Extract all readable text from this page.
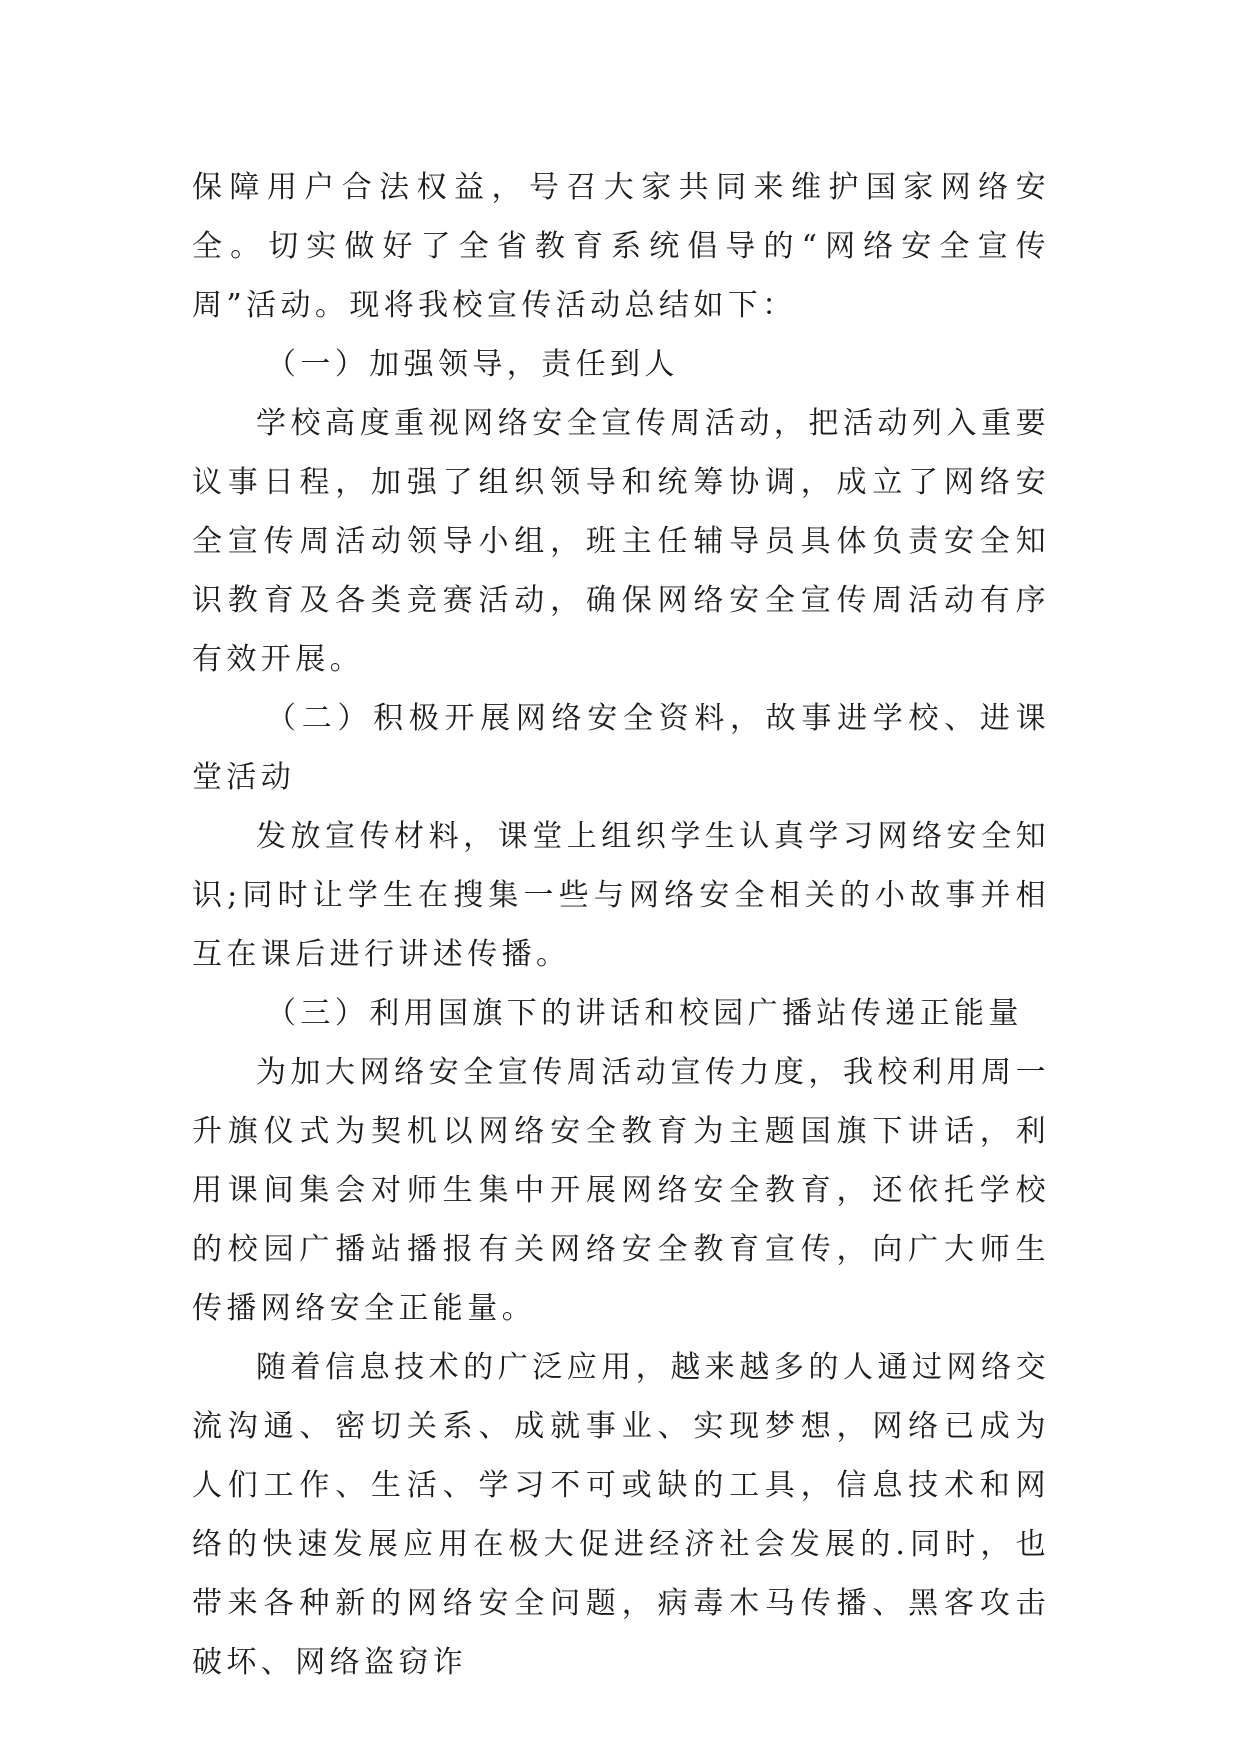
保障用户合法权益，号召大家共同来维护国家网络安全。切实做好了全省教育系统倡导的“网络安全宣传周”活动。现将我校宣传活动总结如下：

（一）加强领导，责任到人

学校高度重视网络安全宣传周活动，把活动列入重要议事日程，加强了组织领导和统筹协调，成立了网络安全宣传周活动领导小组，班主任辅导员具体负责安全知识教育及各类竞赛活动，确保网络安全宣传周活动有序有效开展。

（二）积极开展网络安全资料，故事进学校、进课堂活动

发放宣传材料，课堂上组织学生认真学习网络安全知识;同时让学生在搜集一些与网络安全相关的小故事并相互在课后进行讲述传播。

（三）利用国旗下的讲话和校园广播站传递正能量

为加大网络安全宣传周活动宣传力度，我校利用周一升旗仪式为契机以网络安全教育为主题国旗下讲话，利用课间集会对师生集中开展网络安全教育，还依托学校的校园广播站播报有关网络安全教育宣传，向广大师生传播网络安全正能量。

随着信息技术的广泛应用，越来越多的人通过网络交流沟通、密切关系、成就事业、实现梦想，网络已成为人们工作、生活、学习不可或缺的工具，信息技术和网络的快速发展应用在极大促进经济社会发展的.同时，也带来各种新的网络安全问题，病毒木马传播、黑客攻击破坏、网络盗窃诈
